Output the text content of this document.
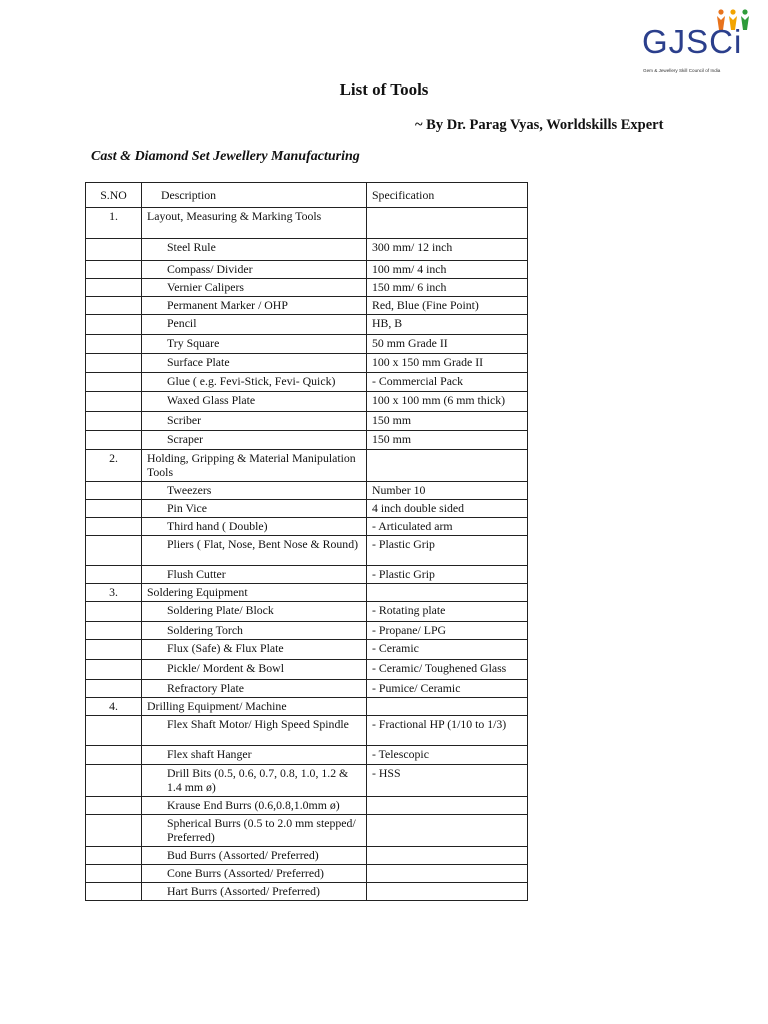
GJSCi
Gem & Jewellery Skill Council of India
List of Tools
~ By Dr. Parag Vyas, Worldskills Expert
Cast & Diamond Set Jewellery Manufacturing
S.NO	Description	Specification
1.	Layout, Measuring & Marking Tools	
	Steel Rule	300 mm/ 12 inch
	Compass/ Divider	100 mm/ 4 inch
	Vernier Calipers	150 mm/ 6 inch
	Permanent Marker / OHP	Red, Blue (Fine Point)
	Pencil	HB, B
	Try Square	50 mm Grade II
	Surface Plate	100 x 150 mm Grade II
	Glue ( e.g. Fevi-Stick, Fevi- Quick)	- Commercial Pack
	Waxed Glass Plate	100 x 100 mm (6 mm thick)
	Scriber	150 mm
	Scraper	150 mm
2.	Holding, Gripping & Material Manipulation Tools	
	Tweezers	Number 10
	Pin Vice	4 inch double sided
	Third hand ( Double)	- Articulated arm
	Pliers ( Flat, Nose, Bent Nose & Round)	- Plastic Grip
	Flush Cutter	- Plastic Grip
3.	Soldering Equipment	
	Soldering Plate/ Block	- Rotating plate
	Soldering Torch	- Propane/ LPG
	Flux (Safe) & Flux Plate	- Ceramic
	Pickle/ Mordent & Bowl	- Ceramic/ Toughened Glass
	Refractory Plate	- Pumice/ Ceramic
4.	Drilling Equipment/ Machine	
	Flex Shaft Motor/ High Speed Spindle	- Fractional HP (1/10 to 1/3)
	Flex shaft Hanger	- Telescopic
	Drill Bits (0.5, 0.6, 0.7, 0.8, 1.0, 1.2 & 1.4 mm ø)	- HSS
	Krause End Burrs (0.6,0.8,1.0mm ø)	
	Spherical Burrs (0.5 to 2.0 mm stepped/ Preferred)	
	Bud Burrs (Assorted/ Preferred)	
	Cone Burrs (Assorted/ Preferred)	
	Hart Burrs (Assorted/ Preferred)	
